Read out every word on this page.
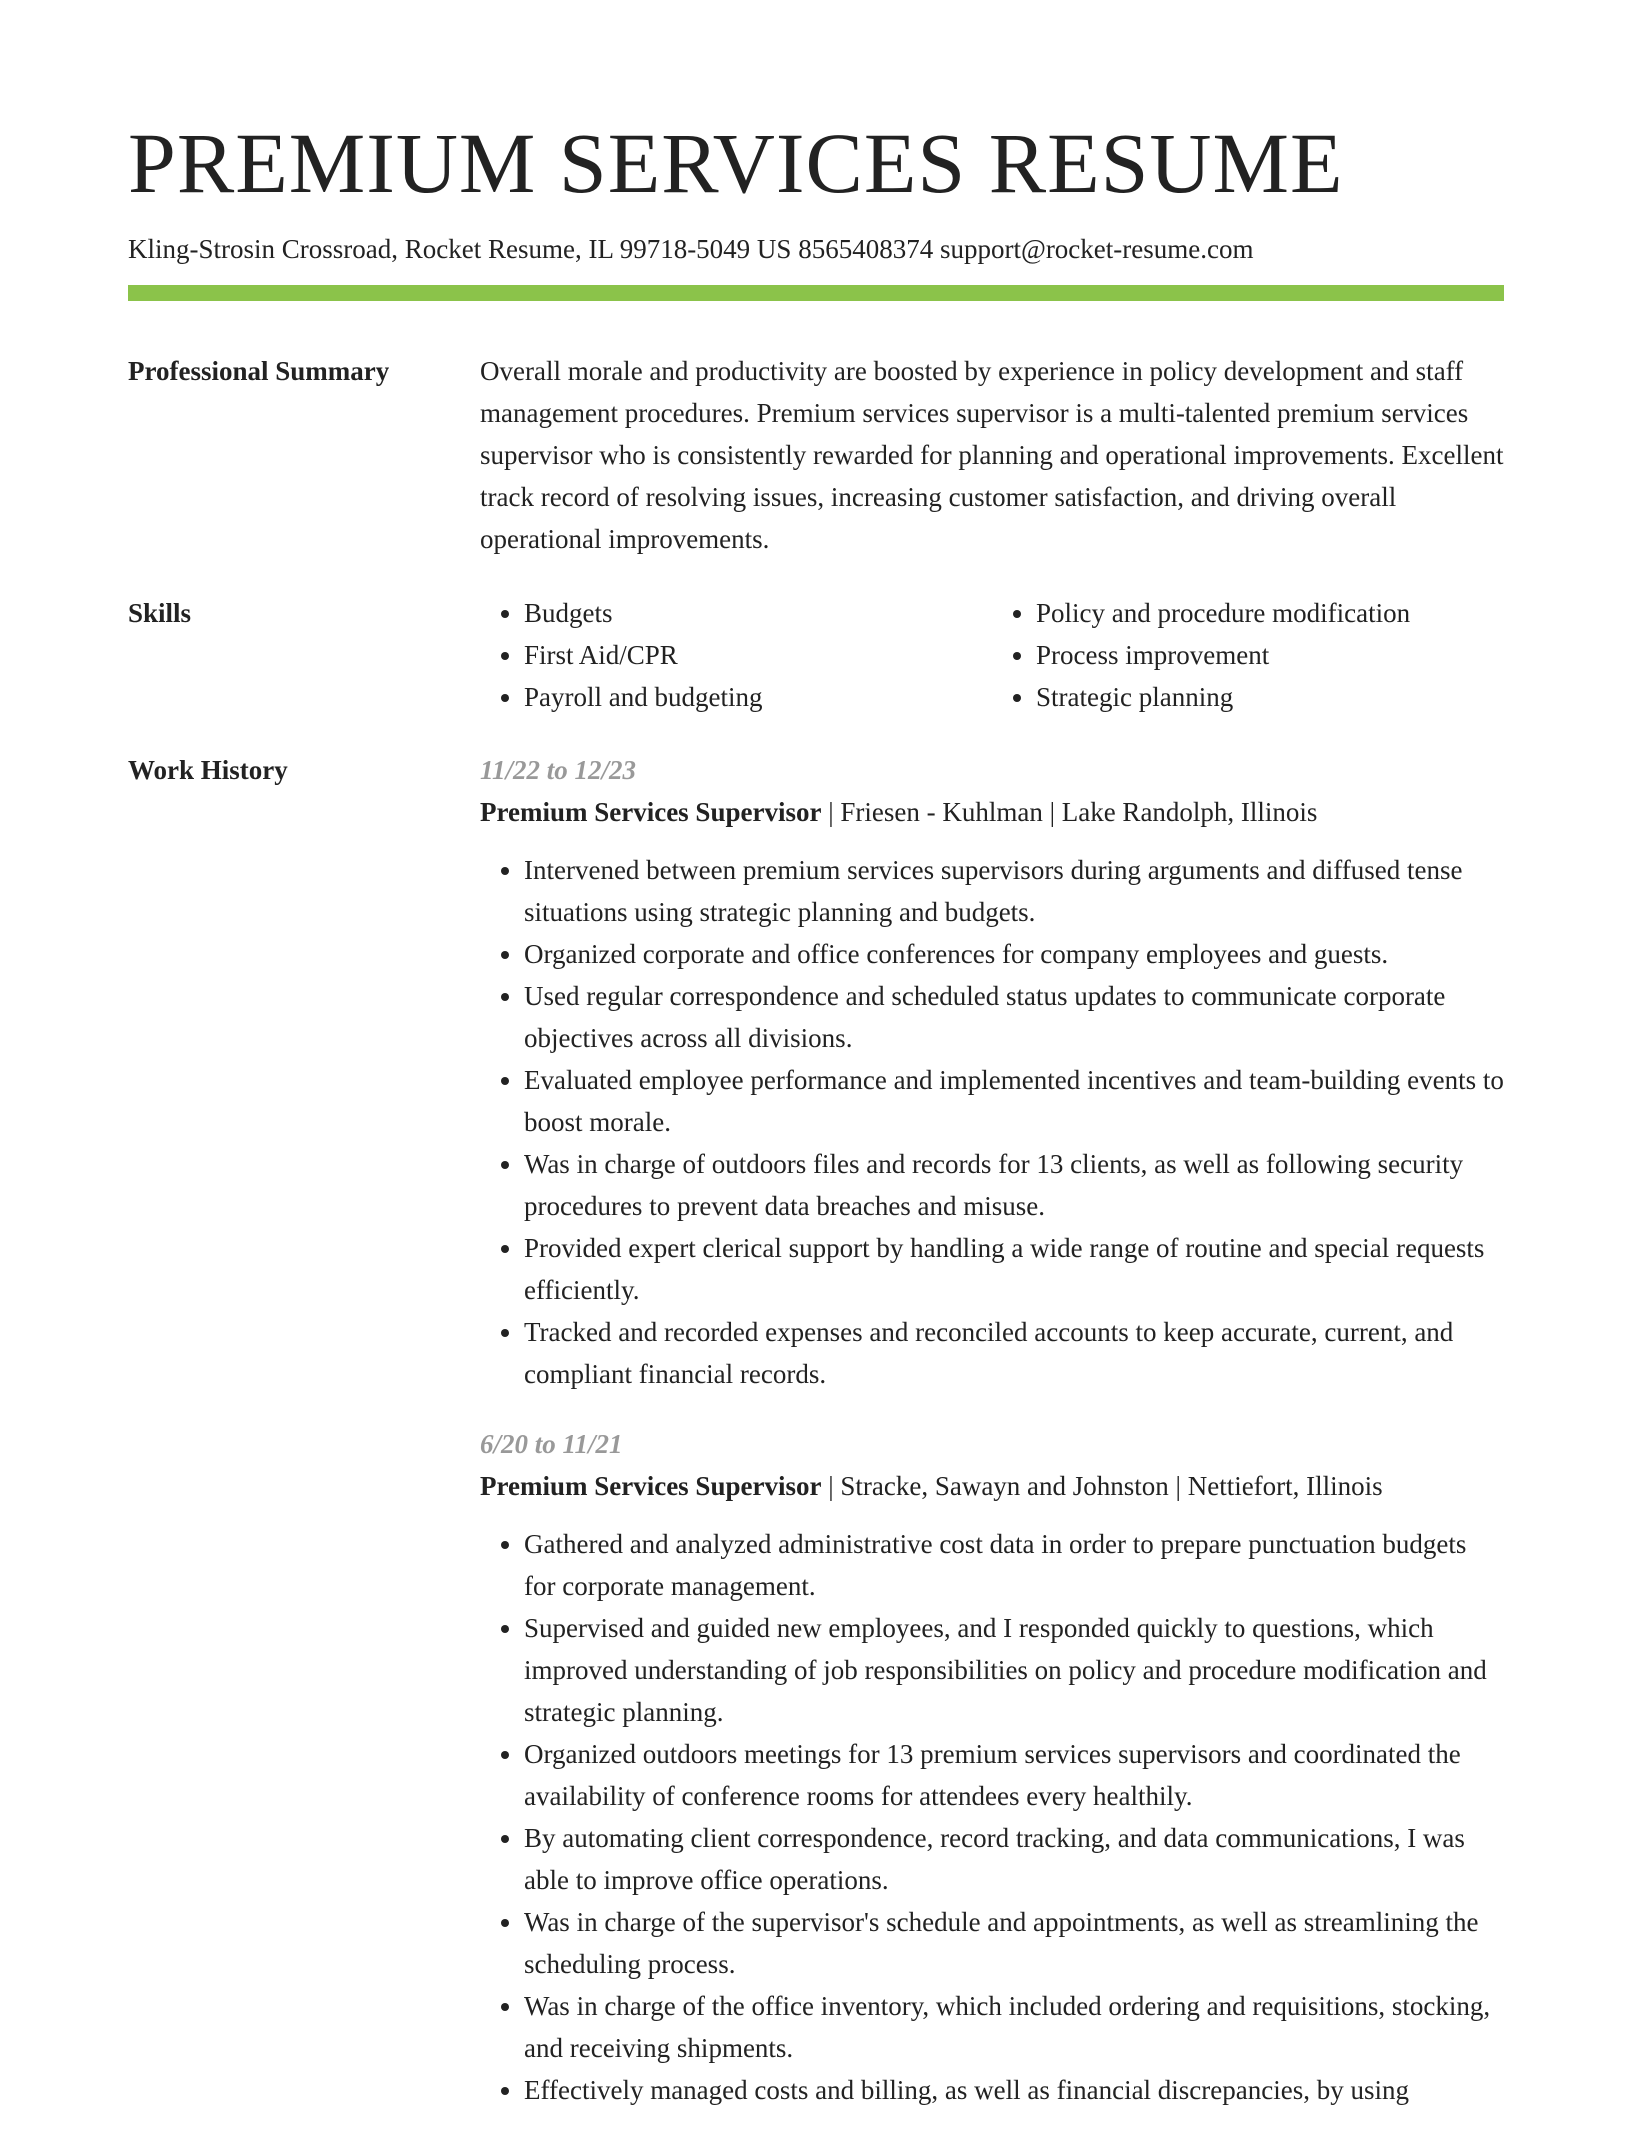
PREMIUM SERVICES RESUME
Kling-Strosin Crossroad, Rocket Resume, IL 99718-5049 US 8565408374 support@rocket-resume.com
Professional Summary	Overall morale and productivity are boosted by experience in policy development and staff management procedures. Premium services supervisor is a multi-talented premium services supervisor who is consistently rewarded for planning and operational improvements. Excellent track record of resolving issues, increasing customer satisfaction, and driving overall operational improvements.

Skills
•	Budgets
• First Aid/CPR
• Payroll and budgeting
• Policy and procedure modification
• Process improvement
• Strategic planning
Work History	11/22 to 12/23
Premium Services Supervisor | Friesen - Kuhlman | Lake Randolph, Illinois
• Intervened between premium services supervisors during arguments and diffused tense situations using strategic planning and budgets.
• Organized corporate and office conferences for company employees and guests.
• Used regular correspondence and scheduled status updates to communicate corporate objectives across all divisions.
• Evaluated employee performance and implemented incentives and team-building events to boost morale.
• Was in charge of outdoors files and records for 13 clients, as well as following security procedures to prevent data breaches and misuse.
• Provided expert clerical support by handling a wide range of routine and special requests efficiently.
• Tracked and recorded expenses and reconciled accounts to keep accurate, current, and compliant financial records.
6/20 to 11/21
Premium Services Supervisor | Stracke, Sawayn and Johnston | Nettiefort, Illinois
• Gathered and analyzed administrative cost data in order to prepare punctuation budgets for corporate management.
• Supervised and guided new employees, and I responded quickly to questions, which improved understanding of job responsibilities on policy and procedure modification and strategic planning.
• Organized outdoors meetings for 13 premium services supervisors and coordinated the availability of conference rooms for attendees every healthily.
• By automating client correspondence, record tracking, and data communications, I was able to improve office operations.
• Was in charge of the supervisor's schedule and appointments, as well as streamlining the scheduling process.
• Was in charge of the office inventory, which included ordering and requisitions, stocking, and receiving shipments.
• Effectively managed costs and billing, as well as financial discrepancies, by using
